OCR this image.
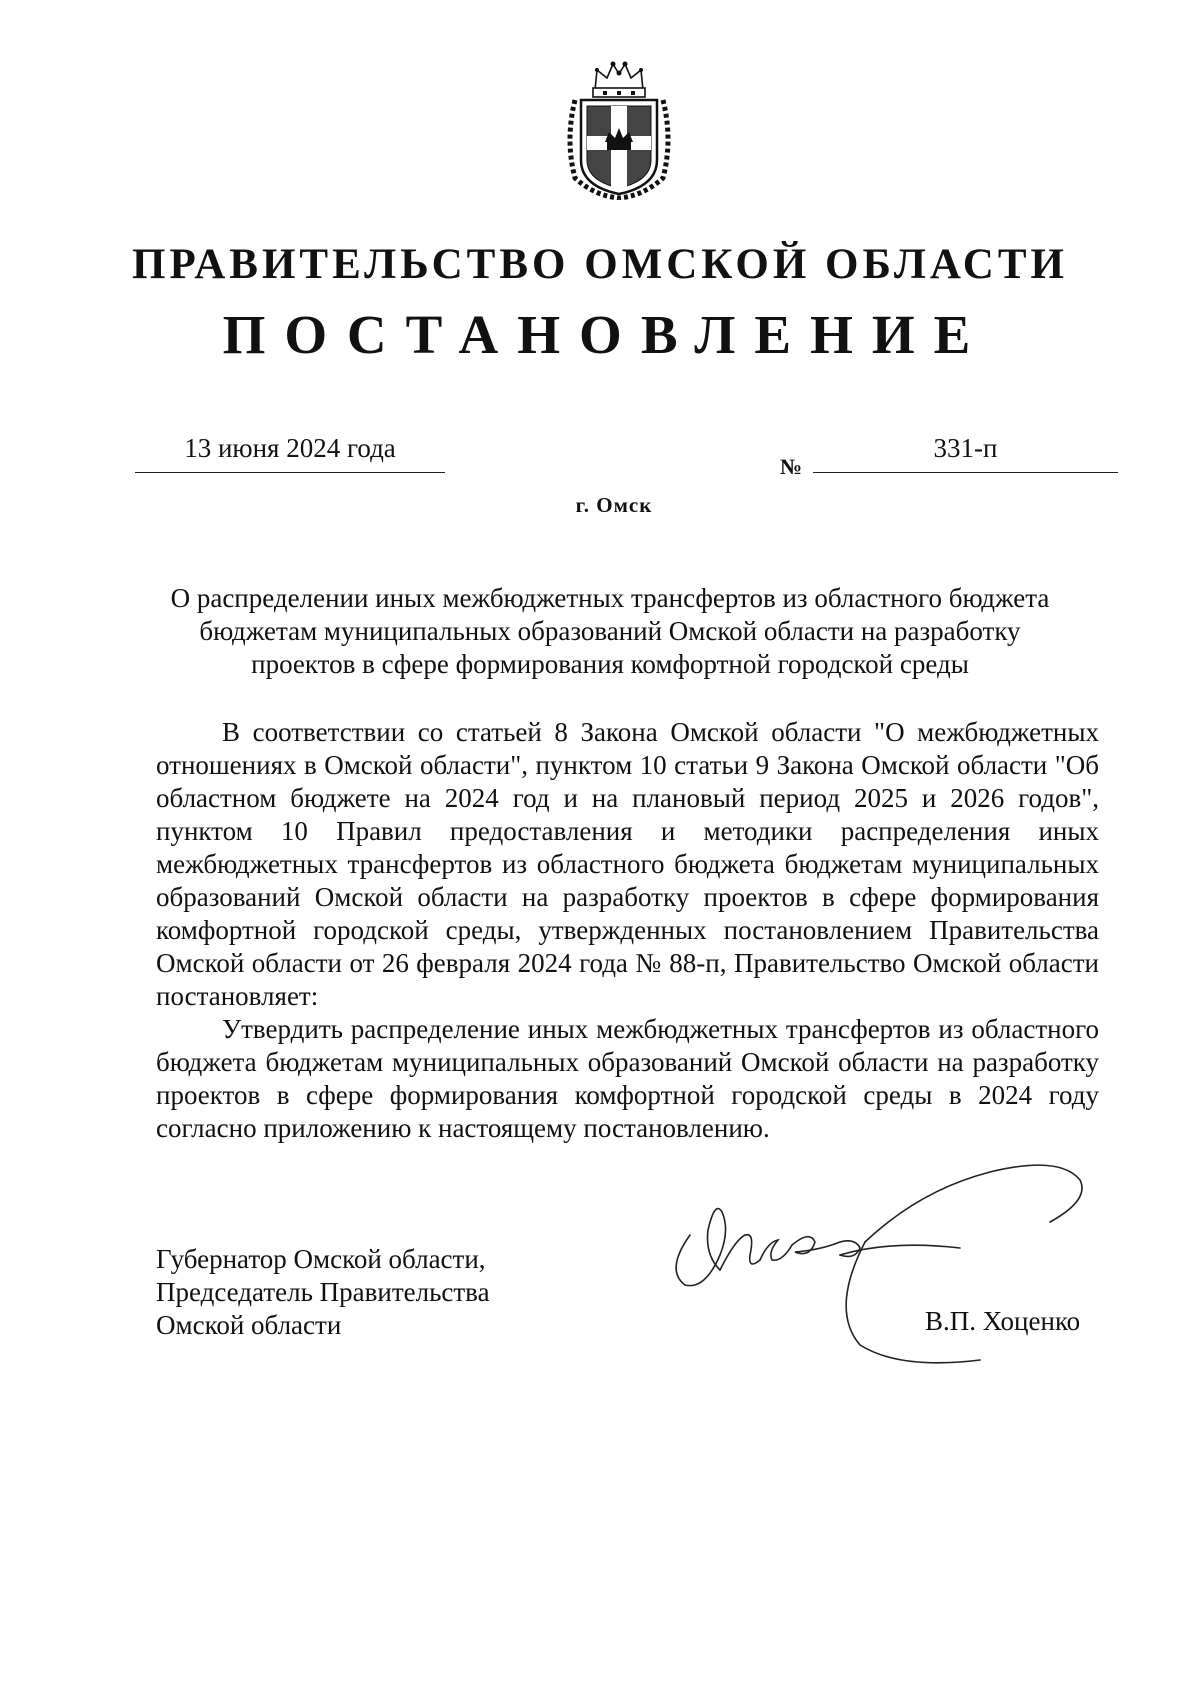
ПРАВИТЕЛЬСТВО ОМСКОЙ ОБЛАСТИ
ПОСТАНОВЛЕНИЕ
13 июня 2024 года
№
331-п
г. Омск
О распределении иных межбюджетных трансфертов из областного бюджета
бюджетам муниципальных образований Омской области на разработку
проектов в сфере формирования комфортной городской среды

В соответствии со статьей 8 Закона Омской области "О межбюджетных отношениях в Омской области", пунктом 10 статьи 9 Закона Омской области "Об областном бюджете на 2024 год и на плановый период 2025 и 2026 годов", пунктом 10 Правил предоставления и методики распределения иных межбюджетных трансфертов из областного бюджета бюджетам муниципальных образований Омской области на разработку проектов в сфере формирования комфортной городской среды, утвержденных постановлением Правительства Омской области от 26 февраля 2024 года № 88-п, Правительство Омской области постановляет:

Утвердить распределение иных межбюджетных трансфертов из областного бюджета бюджетам муниципальных образований Омской области на разработку проектов в сфере формирования комфортной городской среды в 2024 году согласно приложению к настоящему постановлению.

Губернатор Омской области,
Председатель Правительства
Омской области	В.П. Хоценко
